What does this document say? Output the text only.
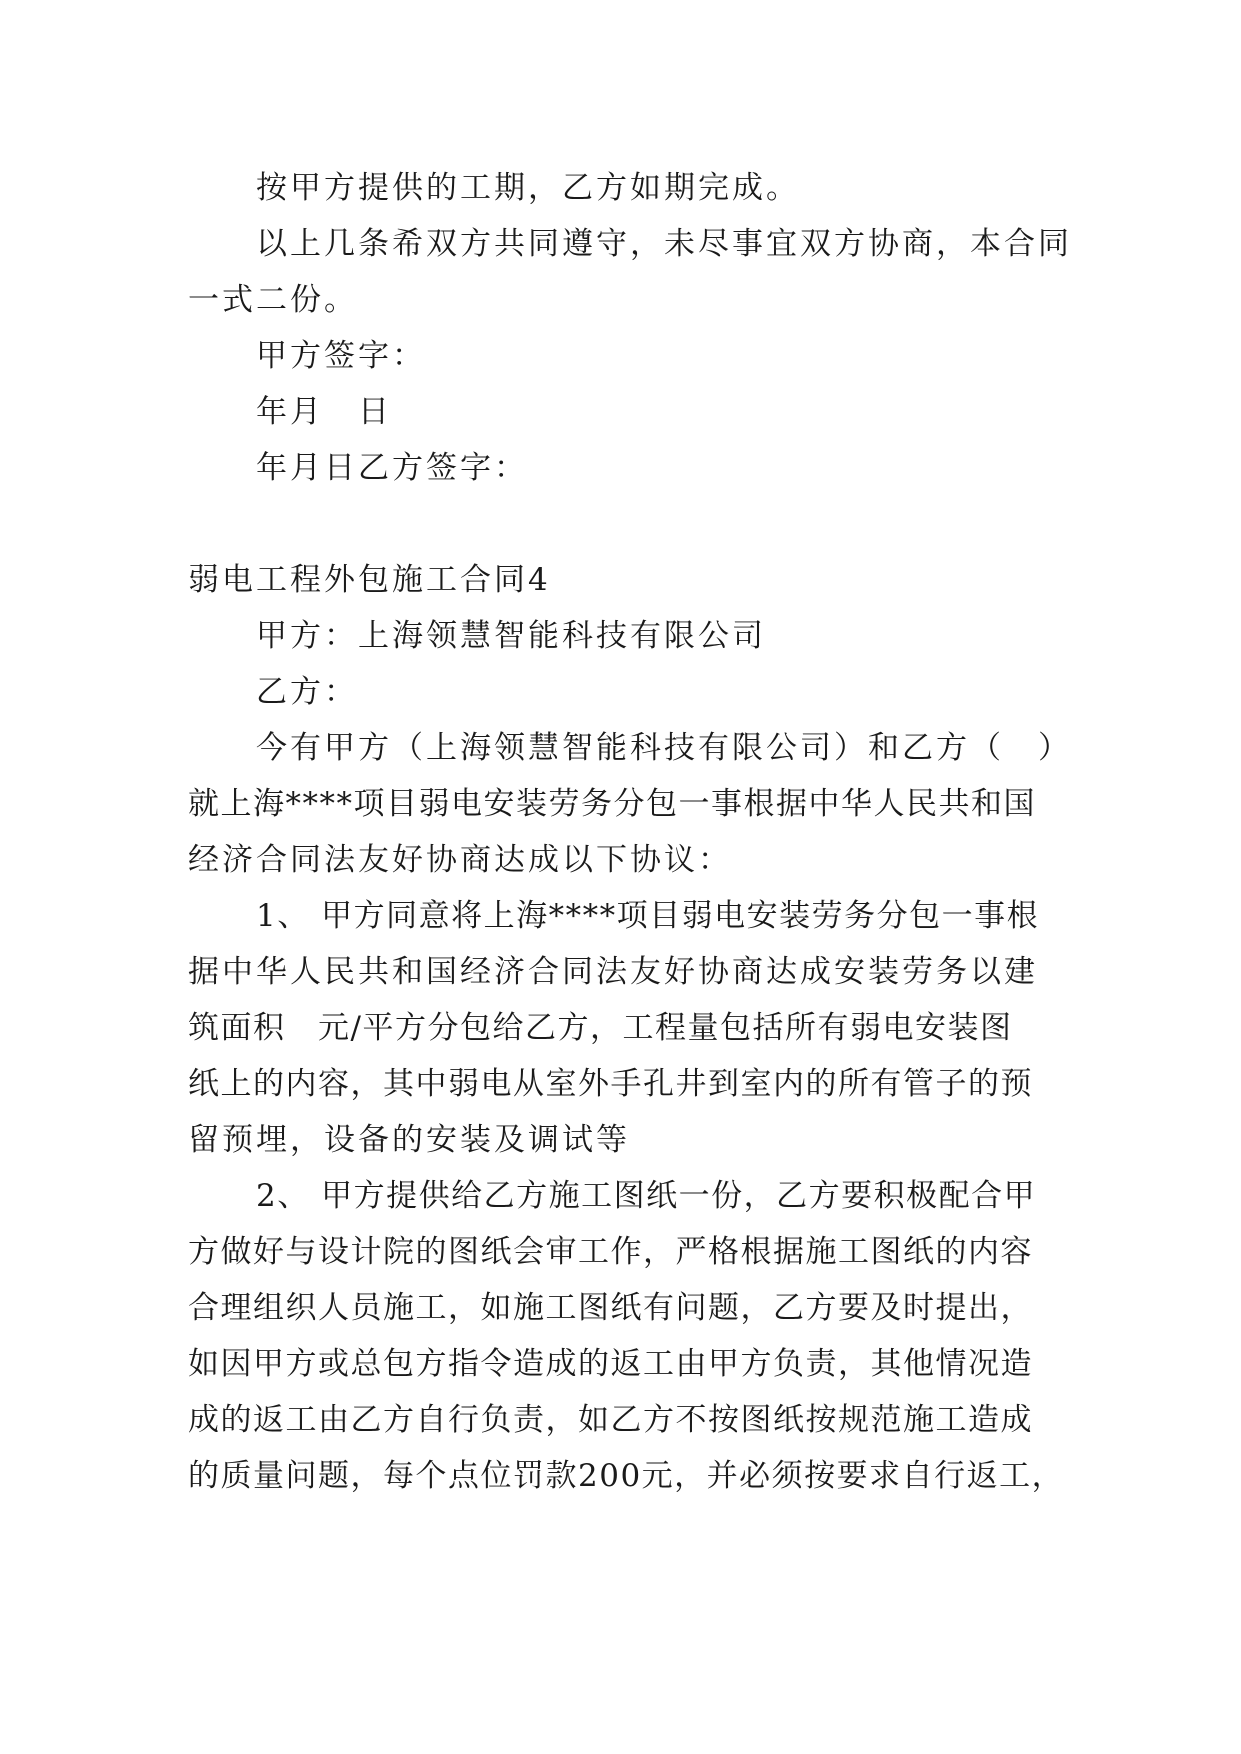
按甲方提供的工期，乙方如期完成。
以上几条希双方共同遵守，未尽事宜双方协商，本合同
一式二份。
甲方签字：
年月　日
年月日乙方签字：
弱电工程外包施工合同4
甲方：上海领慧智能科技有限公司
乙方：
今有甲方（上海领慧智能科技有限公司）和乙方（　）
就上海****项目弱电安装劳务分包一事根据中华人民共和国
经济合同法友好协商达成以下协议：
1、 甲方同意将上海****项目弱电安装劳务分包一事根
据中华人民共和国经济合同法友好协商达成安装劳务以建
筑面积　元/平方分包给乙方，工程量包括所有弱电安装图
纸上的内容，其中弱电从室外手孔井到室内的所有管子的预
留预埋，设备的安装及调试等
2、 甲方提供给乙方施工图纸一份，乙方要积极配合甲
方做好与设计院的图纸会审工作，严格根据施工图纸的内容
合理组织人员施工，如施工图纸有问题，乙方要及时提出，
如因甲方或总包方指令造成的返工由甲方负责，其他情况造
成的返工由乙方自行负责，如乙方不按图纸按规范施工造成
的质量问题，每个点位罚款200元，并必须按要求自行返工，
